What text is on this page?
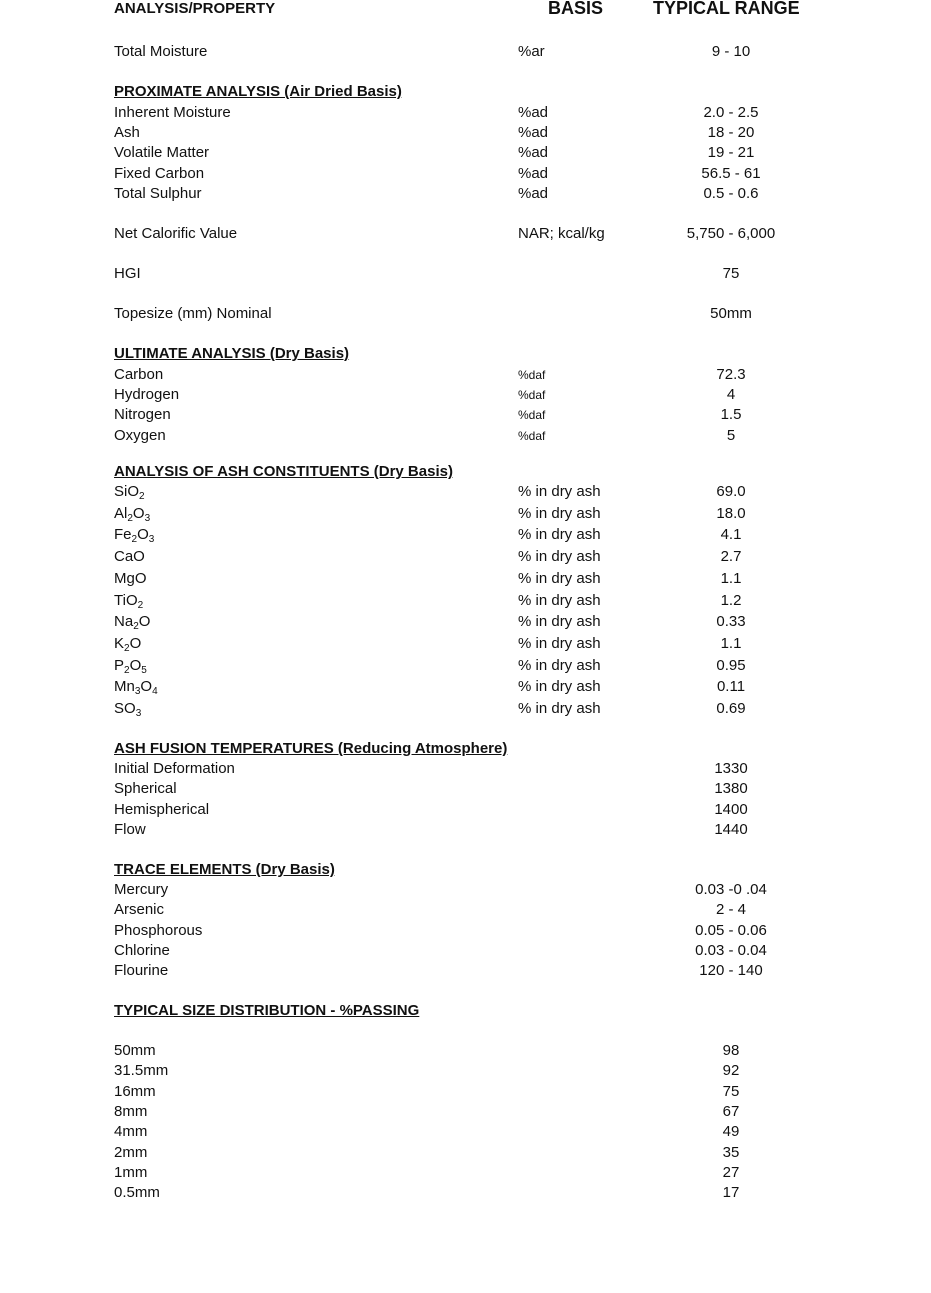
ANALYSIS/PROPERTY	BASIS	TYPICAL RANGE
Total Moisture	%ar	9 - 10
PROXIMATE ANALYSIS (Air Dried Basis)
Inherent Moisture	%ad	2.0 - 2.5
Ash	%ad	18 - 20
Volatile Matter	%ad	19 - 21
Fixed Carbon	%ad	56.5 - 61
Total Sulphur	%ad	0.5 - 0.6
Net Calorific Value	NAR; kcal/kg	5,750 - 6,000
HGI	75
Topesize (mm) Nominal	50mm
ULTIMATE ANALYSIS (Dry Basis)
Carbon	%daf	72.3
Hydrogen	%daf	4
Nitrogen	%daf	1.5
Oxygen	%daf	5
ANALYSIS OF ASH CONSTITUENTS (Dry Basis)
SiO$_2$	% in dry ash	69.0
$Al_2O_3$	% in dry ash	18.0
$Fe_2O_3$	% in dry ash	4.1
CaO	% in dry ash	2.7
MgO	% in dry ash	1.1
TiO$_2$	% in dry ash	1.2
$Na_2O$	% in dry ash	0.33
$K_2O$	% in dry ash	1.1
$P_2O_5$	% in dry ash	0.95
$Mn_3O_4$	% in dry ash	0.11
$SO_3$	% in dry ash	0.69
ASH FUSION TEMPERATURES (Reducing Atmosphere)
Initial Deformation	1330
Spherical	1380
Hemispherical	1400
Flow	1440
TRACE ELEMENTS (Dry Basis)
Mercury	0.03 -0 .04
Arsenic	2 - 4
Phosphorous	0.05 - 0.06
Chlorine	0.03 - 0.04
Flourine	120 - 140
TYPICAL SIZE DISTRIBUTION - %PASSING
50mm	98
31.5mm	92
16mm	75
8mm	67
4mm	49
2mm	35
1mm	27
0.5mm	17
